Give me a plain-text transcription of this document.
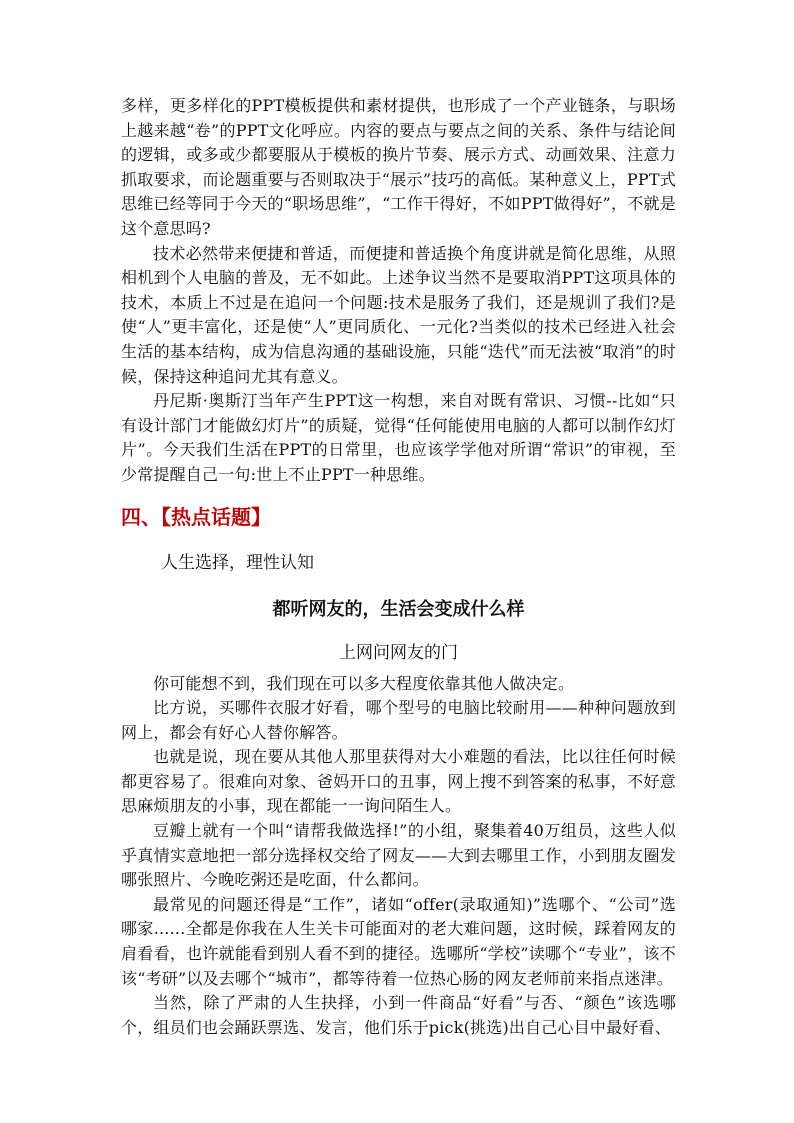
多样，更多样化的PPT模板提供和素材提供，也形成了一个产业链条，与职场上越来越“卷”的PPT文化呼应。内容的要点与要点之间的关系、条件与结论间的逻辑，或多或少都要服从于模板的换片节奏、展示方式、动画效果、注意力抓取要求，而论题重要与否则取决于“展示”技巧的高低。某种意义上，PPT式思维已经等同于今天的“职场思维”，“工作干得好，不如PPT做得好”，不就是这个意思吗?

技术必然带来便捷和普适，而便捷和普适换个角度讲就是简化思维，从照相机到个人电脑的普及，无不如此。上述争议当然不是要取消PPT这项具体的技术，本质上不过是在追问一个问题:技术是服务了我们，还是规训了我们?是使“人”更丰富化，还是使“人”更同质化、一元化?当类似的技术已经进入社会生活的基本结构，成为信息沟通的基础设施，只能“迭代”而无法被“取消”的时候，保持这种追问尤其有意义。

丹尼斯·奥斯汀当年产生PPT这一构想，来自对既有常识、习惯--比如“只有设计部门才能做幻灯片”的质疑，觉得“任何能使用电脑的人都可以制作幻灯片”。今天我们生活在PPT的日常里，也应该学学他对所谓“常识”的审视，至少常提醒自己一句:世上不止PPT一种思维。

四、【热点话题】
人生选择，理性认知
都听网友的，生活会变成什么样
上网问网友的门

你可能想不到，我们现在可以多大程度依靠其他人做决定。

比方说，买哪件衣服才好看，哪个型号的电脑比较耐用——种种问题放到网上，都会有好心人替你解答。

也就是说，现在要从其他人那里获得对大小难题的看法，比以往任何时候都更容易了。很难向对象、爸妈开口的丑事，网上搜不到答案的私事，不好意思麻烦朋友的小事，现在都能一一询问陌生人。

豆瓣上就有一个叫“请帮我做选择!”的小组，聚集着40万组员，这些人似乎真情实意地把一部分选择权交给了网友——大到去哪里工作，小到朋友圈发哪张照片、今晚吃粥还是吃面，什么都问。

最常见的问题还得是“工作”，诸如“offer(录取通知)”选哪个、“公司”选哪家......全都是你我在人生关卡可能面对的老大难问题，这时候，踩着网友的肩看看，也许就能看到别人看不到的捷径。选哪所“学校”读哪个“专业”，该不该“考研”以及去哪个“城市”，都等待着一位热心肠的网友老师前来指点迷津。

当然，除了严肃的人生抉择，小到一件商品“好看”与否、“颜色”该选哪个，组员们也会踊跃票选、发言，他们乐于pick(挑选)出自己心目中最好看、
